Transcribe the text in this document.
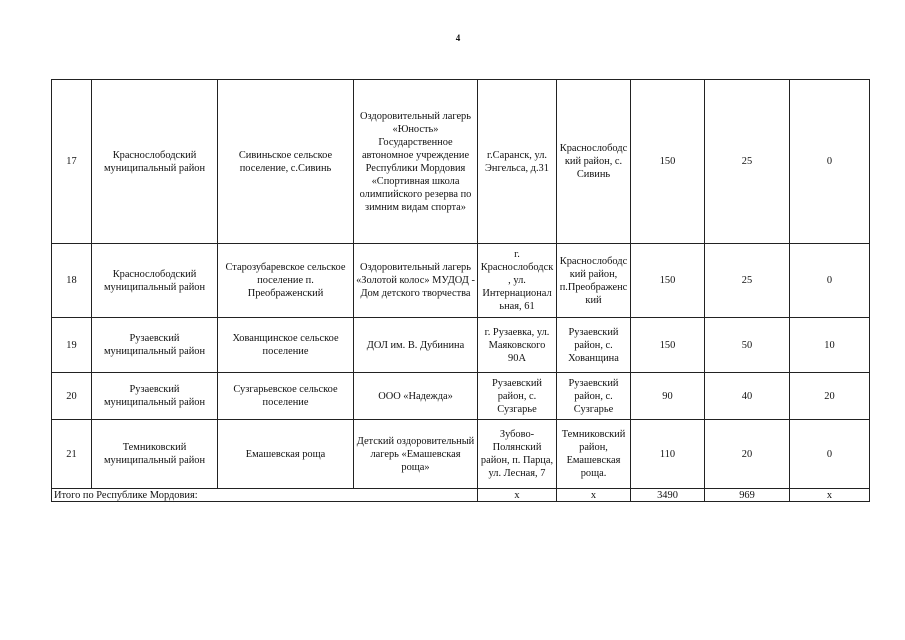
4
17	Краснослободский муниципальный район	Сивиньское сельское поселение, с.Сивинь	Оздоровительный лагерь «Юность» Государственное автономное учреждение Республики Мордовия «Спортивная школа олимпийского резерва по зимним видам спорта»	г.Саранск, ул. Энгельса, д.31	Краснослободский район, с. Сивинь	150	25	0
18	Краснослободский муниципальный район	Старозубаревское сельское поселение п. Преображенский	Оздоровительный лагерь «Золотой колос» МУДОД - Дом детского творчества	г. Краснослободск, ул. Интернациональная, 61	Краснослободский район, п.Преображенский	150	25	0
19	Рузаевский муниципальный район	Хованщинское сельское поселение	ДОЛ им. В. Дубинина	г. Рузаевка, ул. Маяковского 90А	Рузаевский район, с. Хованщина	150	50	10
20	Рузаевский муниципальный район	Сузгарьевское сельское поселение	ООО «Надежда»	Рузаевский район, с. Сузгарье	Рузаевский район, с. Сузгарье	90	40	20
21	Темниковский муниципальный район	Емашевская роща	Детский оздоровительный лагерь «Емашевская роща»	Зубово-Полянский район, п. Парца, ул. Лесная, 7	Темниковский район, Емашевская роща.	110	20	0
Итого по Республике Мордовия:				x	x	3490	969	x
